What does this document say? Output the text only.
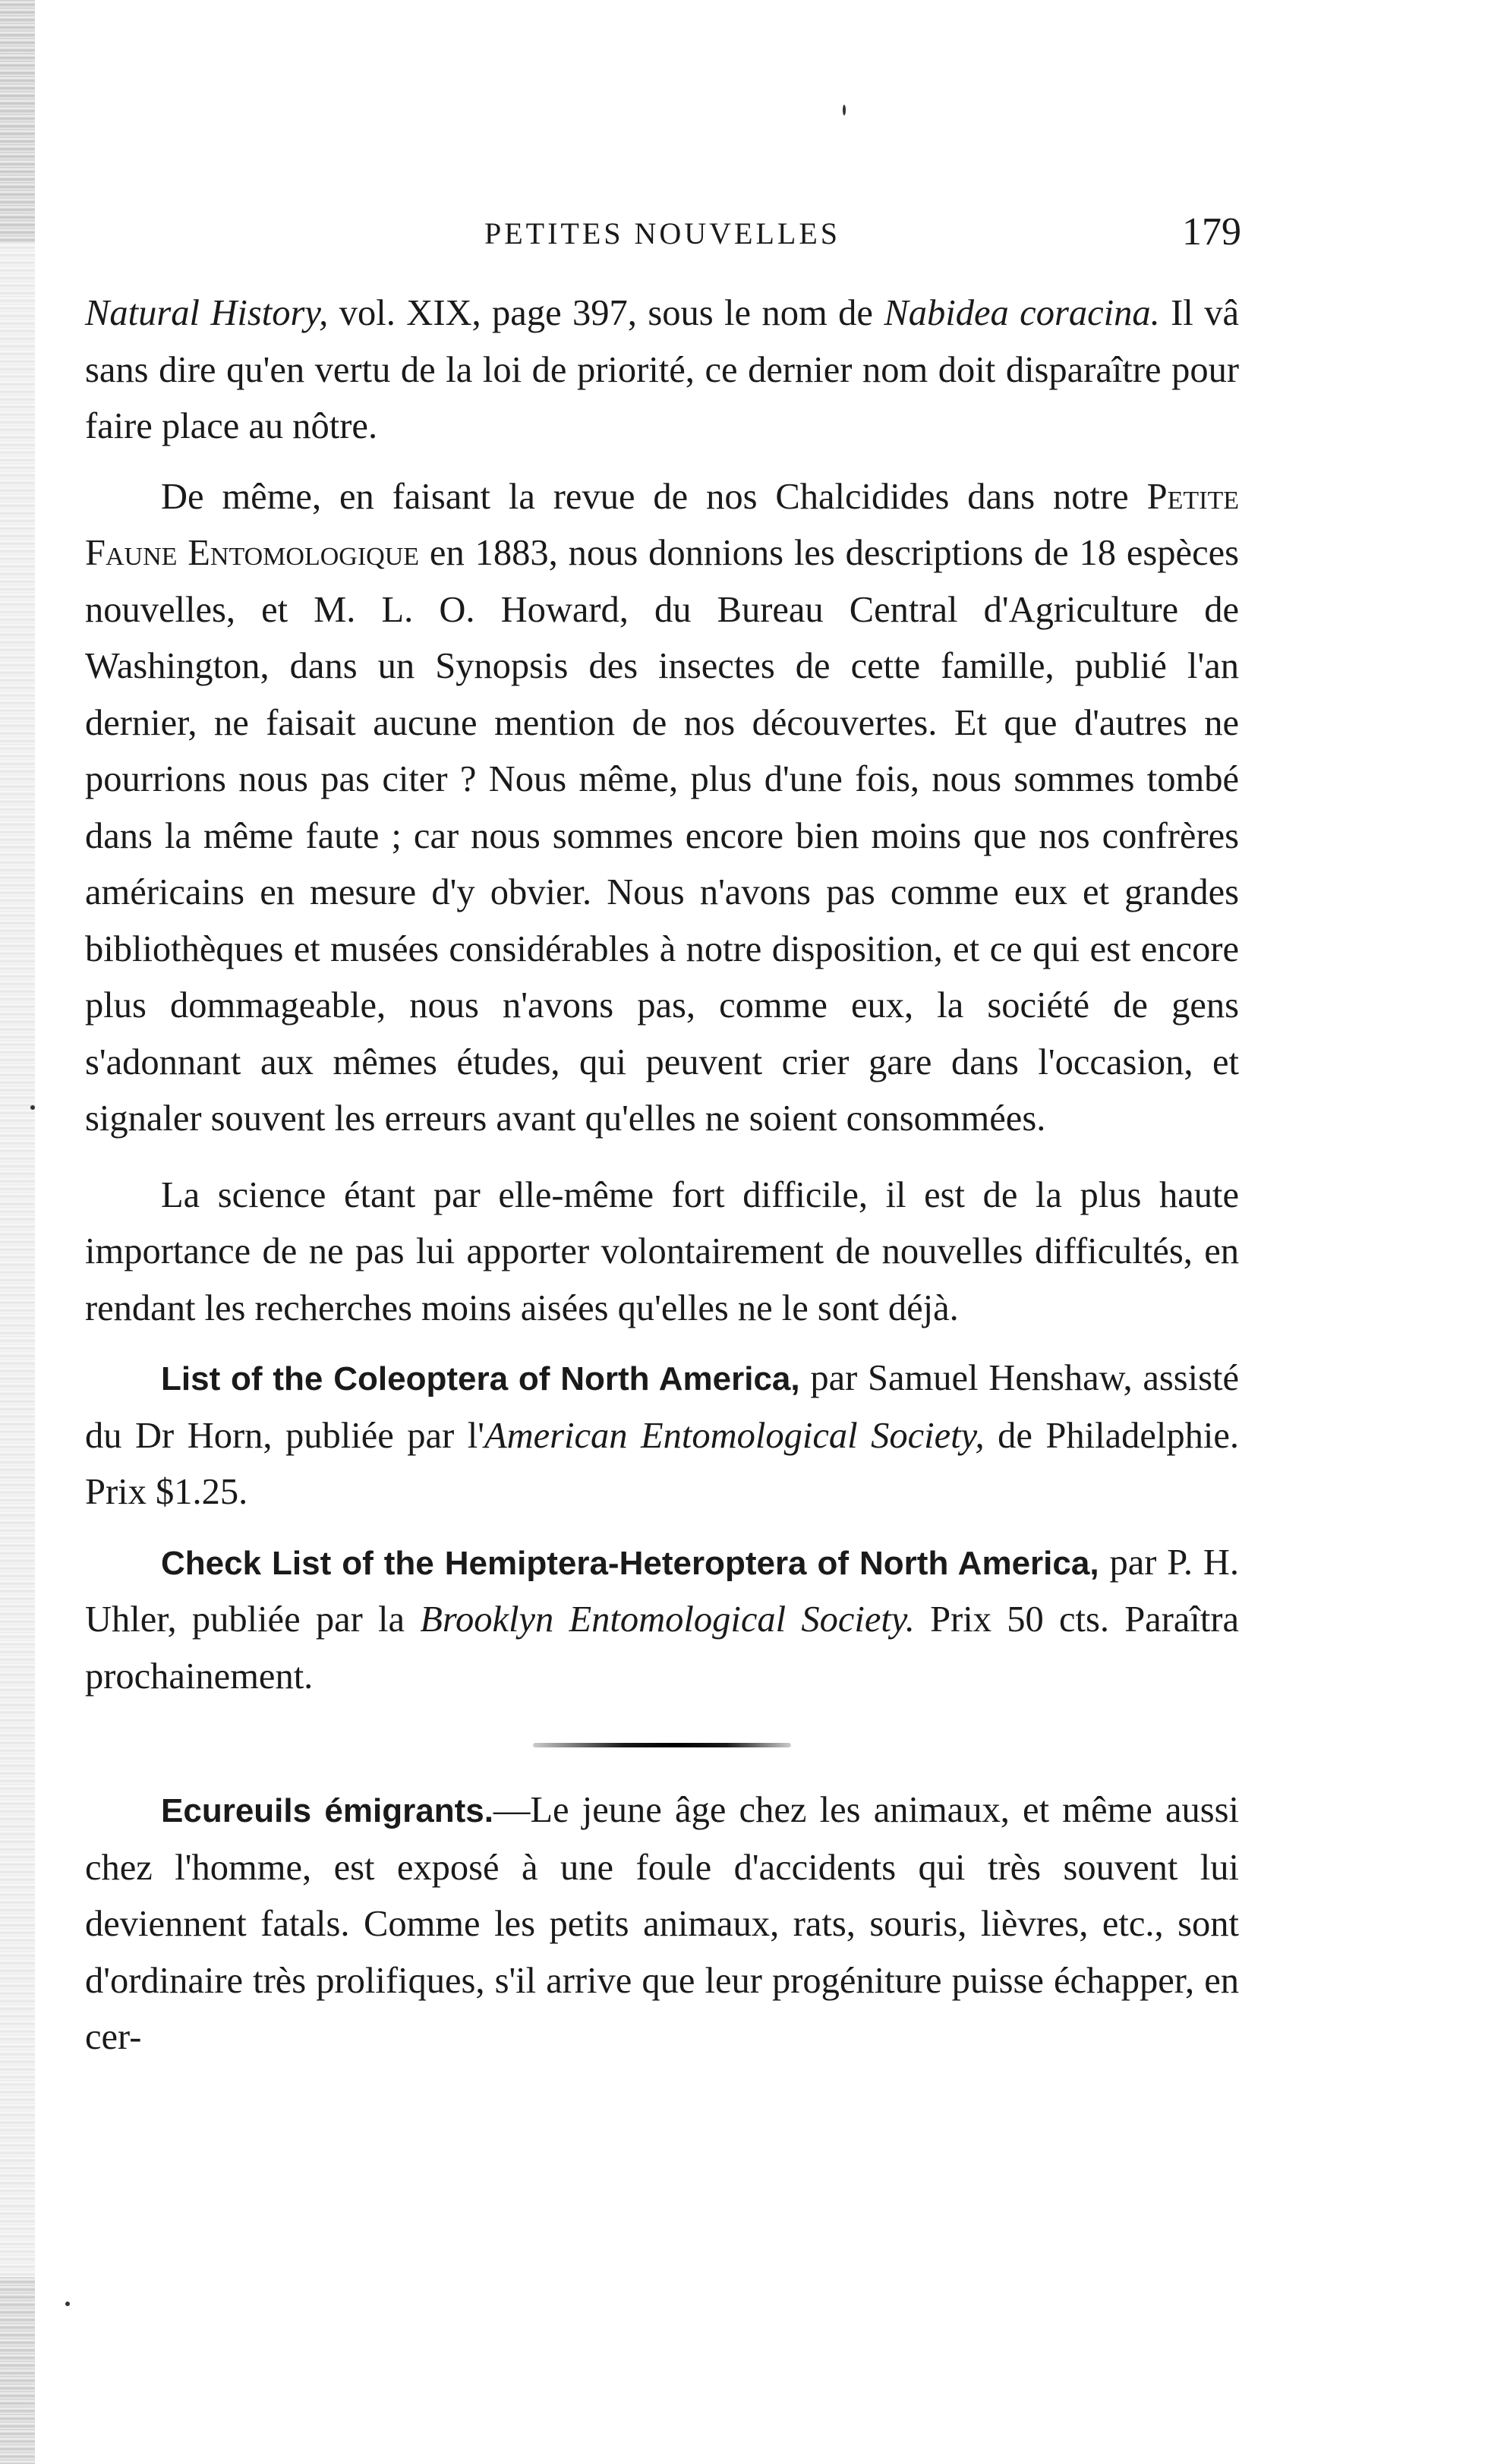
PETITES NOUVELLES	179

Natural History, vol. XIX, page 397, sous le nom de Nabidea coracina. Il vâ sans dire qu'en vertu de la loi de priorité, ce dernier nom doit disparaître pour faire place au nôtre.

De même, en faisant la revue de nos Chalcidides dans notre Petite Faune Entomologique en 1883, nous donnions les descriptions de 18 espèces nouvelles, et M. L. O. Howard, du Bureau Central d'Agriculture de Washington, dans un Synopsis des insectes de cette famille, publié l'an dernier, ne faisait aucune mention de nos découvertes. Et que d'autres ne pourrions nous pas citer ? Nous même, plus d'une fois, nous sommes tombé dans la même faute ; car nous sommes encore bien moins que nos confrères américains en mesure d'y obvier. Nous n'avons pas comme eux et grandes bibliothèques et musées considérables à notre disposition, et ce qui est encore plus dommageable, nous n'avons pas, comme eux, la société de gens s'adonnant aux mêmes études, qui peuvent crier gare dans l'occasion, et signaler souvent les erreurs avant qu'elles ne soient consommées.

La science étant par elle-même fort difficile, il est de la plus haute importance de ne pas lui apporter volontairement de nouvelles difficultés, en rendant les recherches moins aisées qu'elles ne le sont déjà.

List of the Coleoptera of North America, par Samuel Henshaw, assisté du Dr Horn, publiée par l'American Entomological Society, de Philadelphie. Prix $1.25.

Check List of the Hemiptera-Heteroptera of North America, par P. H. Uhler, publiée par la Brooklyn Entomological Society. Prix 50 cts. Paraîtra prochainement.

Ecureuils émigrants.—Le jeune âge chez les animaux, et même aussi chez l'homme, est exposé à une foule d'accidents qui très souvent lui deviennent fatals. Comme les petits animaux, rats, souris, lièvres, etc., sont d'ordinaire très prolifiques, s'il arrive que leur progéniture puisse échapper, en cer-
